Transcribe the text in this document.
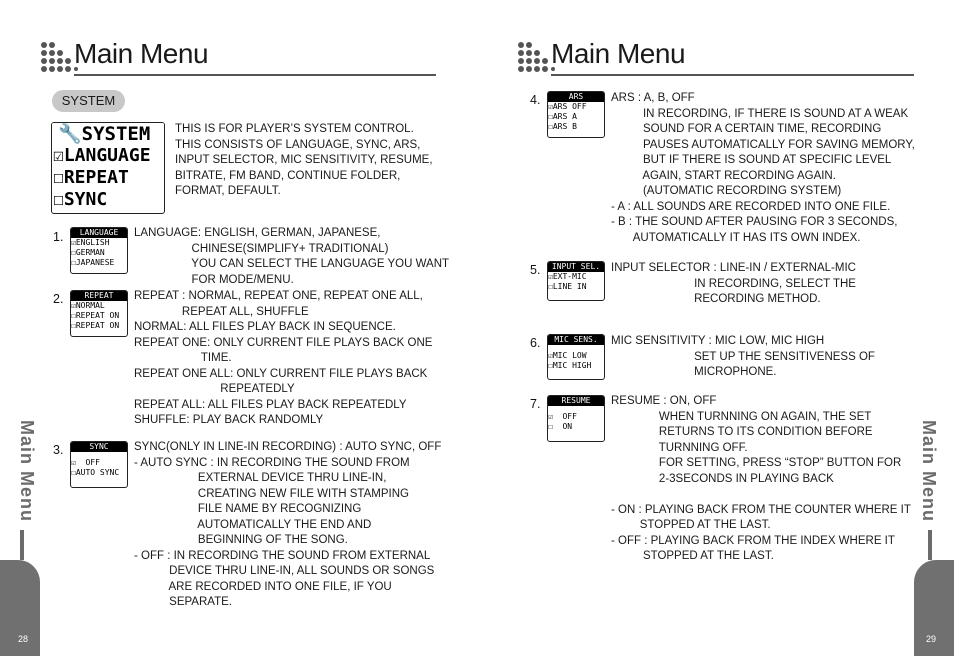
Main Menu
SYSTEM
🔧SYSTEM
☑LANGUAGE
☐REPEAT
☐SYNC
THIS IS FOR PLAYER’S SYSTEM CONTROL.
THIS CONSISTS OF LANGUAGE, SYNC, ARS,
INPUT SELECTOR, MIC SENSITIVITY, RESUME,
BITRATE, FM BAND, CONTINUE FOLDER,
FORMAT, DEFAULT.
1.	LANGUAGE
☑ENGLISH
☐GERMAN
☐JAPANESE
LANGUAGE: ENGLISH, GERMAN, JAPANESE,
CHINESE(SIMPLIFY+ TRADITIONAL)
YOU CAN SELECT THE LANGUAGE YOU WANT
FOR MODE/MENU.
2.	REPEAT
☑NORMAL
☐REPEAT ON
☐REPEAT ON
REPEAT : NORMAL, REPEAT ONE, REPEAT ONE ALL,
REPEAT ALL, SHUFFLE
NORMAL: ALL FILES PLAY BACK IN SEQUENCE.
REPEAT ONE: ONLY CURRENT FILE PLAYS BACK ONE
TIME.
REPEAT ONE ALL: ONLY CURRENT FILE PLAYS BACK
REPEATEDLY
REPEAT ALL: ALL FILES PLAY BACK REPEATEDLY
SHUFFLE: PLAY BACK RANDOMLY
3.	SYNC
☑  OFF
☐AUTO SYNC
SYNC(ONLY IN LINE-IN RECORDING) : AUTO SYNC, OFF
- AUTO SYNC : IN RECORDING THE SOUND FROM
EXTERNAL DEVICE THRU LINE-IN,
CREATING NEW FILE WITH STAMPING
FILE NAME BY RECOGNIZING
AUTOMATICALLY THE END AND
BEGINNING OF THE SONG.
- OFF : IN RECORDING THE SOUND FROM EXTERNAL
DEVICE THRU LINE-IN, ALL SOUNDS OR SONGS
ARE RECORDED INTO ONE FILE, IF YOU
SEPARATE.
Main Menu
28
Main Menu
4.	ARS
☑ARS OFF
☐ARS A
☐ARS B
ARS : A, B, OFF
IN RECORDING, IF THERE IS SOUND AT A WEAK
SOUND FOR A CERTAIN TIME, RECORDING
PAUSES AUTOMATICALLY FOR SAVING MEMORY,
BUT IF THERE IS SOUND AT SPECIFIC LEVEL
AGAIN, START RECORDING AGAIN.
(AUTOMATIC RECORDING SYSTEM)
- A : ALL SOUNDS ARE RECORDED INTO ONE FILE.
- B : THE SOUND AFTER PAUSING FOR 3 SECONDS,
AUTOMATICALLY IT HAS ITS OWN INDEX.
5.	INPUT SEL.
☑EXT-MIC
☐LINE IN
INPUT SELECTOR : LINE-IN / EXTERNAL-MIC
IN RECORDING, SELECT THE
RECORDING METHOD.
6.	MIC SENS.
☑MIC LOW
☐MIC HIGH
MIC SENSITIVITY : MIC LOW, MIC HIGH
SET UP THE SENSITIVENESS OF
MICROPHONE.
7.	RESUME
☑  OFF
☐  ON
RESUME : ON, OFF
WHEN TURNNING ON AGAIN, THE SET
RETURNS TO ITS CONDITION BEFORE
TURNNING OFF.
FOR SETTING, PRESS “STOP” BUTTON FOR
2-3SECONDS IN PLAYING BACK

- ON : PLAYING BACK FROM THE COUNTER WHERE IT
STOPPED AT THE LAST.
- OFF : PLAYING BACK FROM THE INDEX WHERE IT
STOPPED AT THE LAST.
Main Menu
29
